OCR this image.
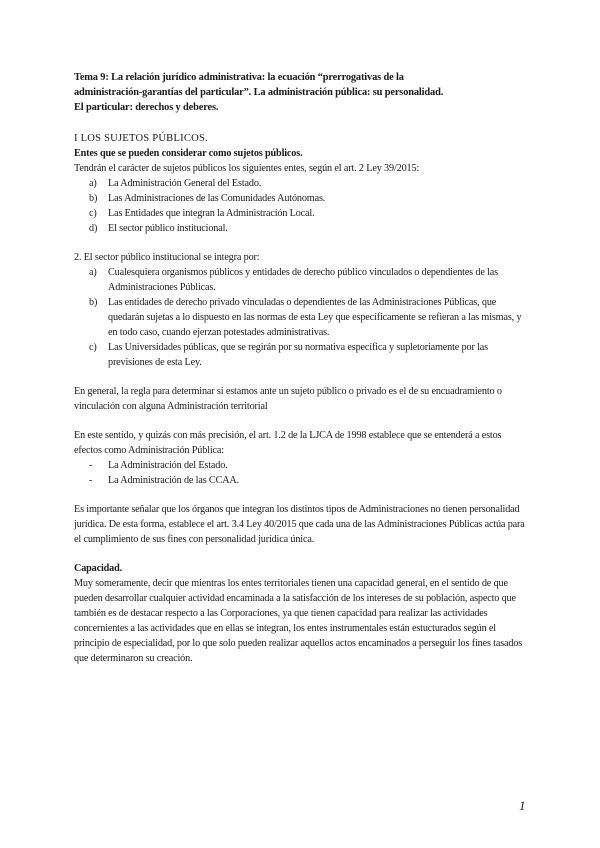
Tema 9: La relación jurídico administrativa: la ecuación “prerrogativas de la
administración-garantías del particular”. La administración pública: su personalidad.
El particular: derechos y deberes.
I LOS SUJETOS PÚBLICOS.

Entes que se pueden considerar como sujetos públicos.

Tendrán el carácter de sujetos públicos los siguientes entes, según el art. 2 Ley 39/2015:

a) La Administración General del Estado.
b) Las Administraciones de las Comunidades Autónomas.
c) Las Entidades que integran la Administración Local.
d) El sector público institucional.

2. El sector público institucional se integra por:

a) Cualesquiera organismos públicos y entidades de derecho público vinculados o dependientes de las Administraciones Públicas.
b) Las entidades de derecho privado vinculadas o dependientes de las Administraciones Públicas, que quedarán sujetas a lo dispuesto en las normas de esta Ley que específicamente se refieran a las mismas, y en todo caso, cuando ejerzan potestades administrativas.
c) Las Universidades públicas, que se regirán por su normativa específica y supletoriamente por las previsiones de esta Ley.

En general, la regla para determinar si estamos ante un sujeto público o privado es el de su encuadramiento o vinculación con alguna Administración territorial

En este sentido, y quizás con más precisión, el art. 1.2 de la LJCA de 1998 establece que se entenderá a estos efectos como Administración Pública:

- La Administración del Estado.
- La Administración de las CCAA.

Es importante señalar que los órganos que integran los distintos tipos de Administraciones no tienen personalidad jurídica. De esta forma, establece el art. 3.4 Ley 40/2015 que cada una de las Administraciones Públicas actúa para el cumplimiento de sus fines con personalidad jurídica única.

Capacidad.

Muy someramente, decir que mientras los entes territoriales tienen una capacidad general, en el sentido de que pueden desarrollar cualquier actividad encaminada a la satisfacción de los intereses de su población, aspecto que también es de destacar respecto a las Corporaciones, ya que tienen capacidad para realizar las actividades concernientes a las actividades que en ellas se integran, los entes instrumentales están estucturados según el principio de especialidad, por lo que solo pueden realizar aquellos actos encaminados a perseguir los fines tasados que determinaron su creación.

1
